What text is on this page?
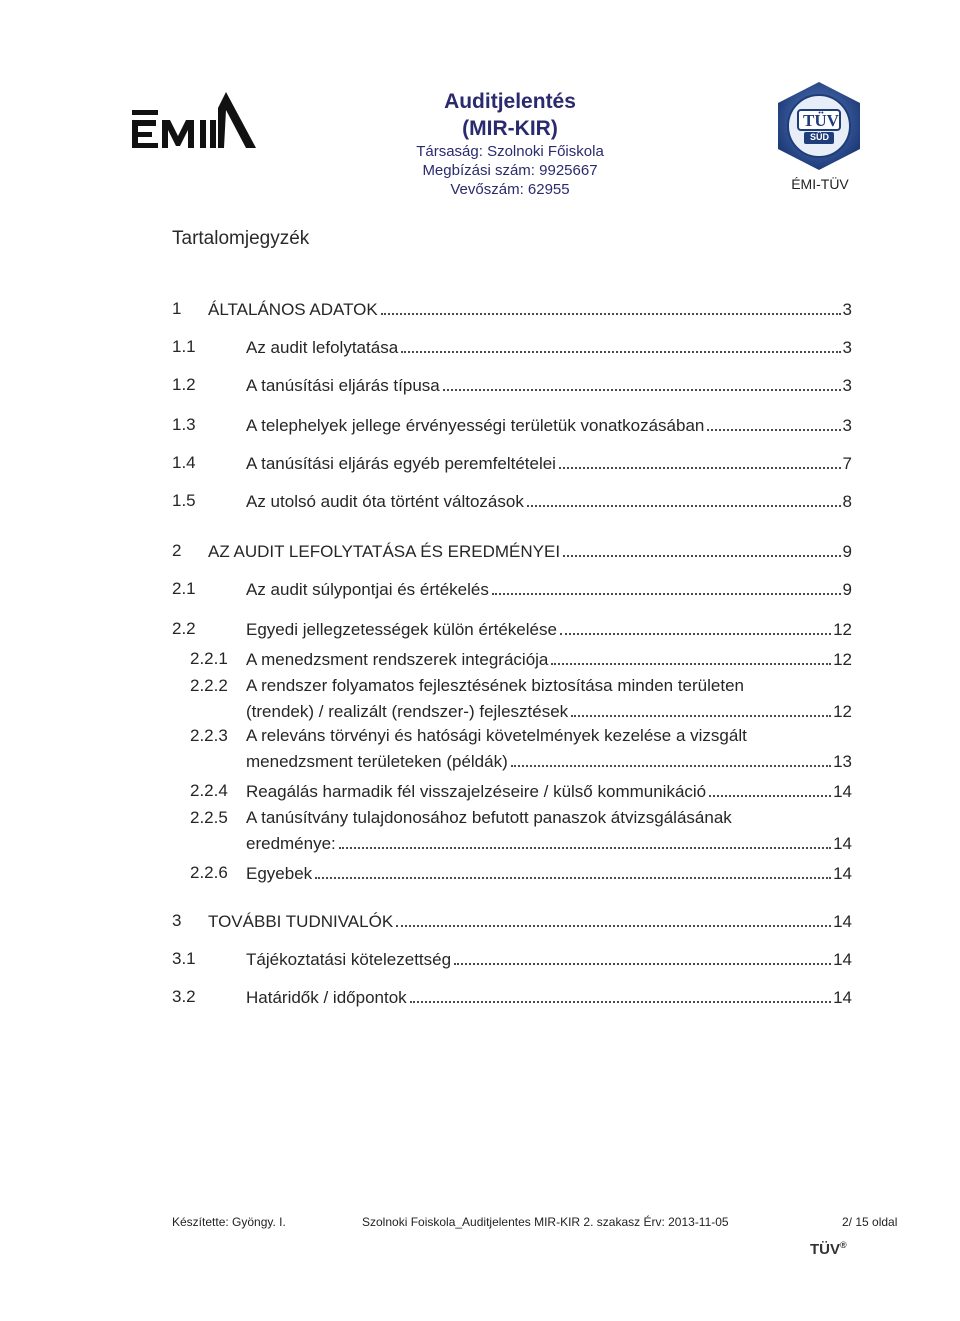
Auditjelentés
(MIR-KIR)
Társaság: Szolnoki Főiskola
Megbízási szám: 9925667
Vevőszám: 62955
TÜV
SÜD
ÉMI-TÜV
Tartalomjegyzék
1 ÁLTALÁNOS ADATOK	3
1.1	Az audit lefolytatása	3
1.2	A tanúsítási eljárás típusa	3
1.3	A telephelyek jellege érvényességi területük vonatkozásában	3
1.4	A tanúsítási eljárás egyéb peremfeltételei	7
1.5	Az utolsó audit óta történt változások	8
2 AZ AUDIT LEFOLYTATÁSA ÉS EREDMÉNYEI	9
2.1	Az audit súlypontjai és értékelés	9
2.2	Egyedi jellegzetességek külön értékelése	12
2.2.1 A menedzsment rendszerek integrációja	12
2.2.2 A rendszer folyamatos fejlesztésének biztosítása minden területen
(trendek) / realizált (rendszer-) fejlesztések	12
2.2.3 A releváns törvényi és hatósági követelmények kezelése a vizsgált
menedzsment területeken (példák)	13
2.2.4 Reagálás harmadik fél visszajelzéseire / külső kommunikáció	14
2.2.5 A tanúsítvány tulajdonosához befutott panaszok átvizsgálásának
eredménye:	14
2.2.6 Egyebek	14
3 TOVÁBBI TUDNIVALÓK	14
3.1	Tájékoztatási kötelezettség	14
3.2	Határidők / időpontok	14
Készítette: Gyöngy. I.	Szolnoki Foiskola_Auditjelentes MIR-KIR 2. szakasz Érv: 2013-11-05	2/ 15 oldal
TÜV®
